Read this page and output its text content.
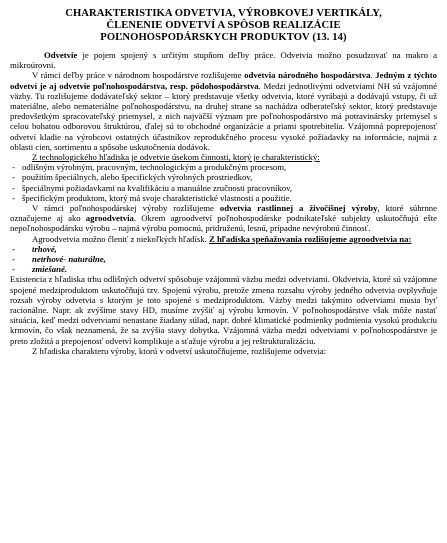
CHARAKTERISTIKA ODVETVIA, VÝROBKOVEJ VERTIKÁLY,
ČLENENIE ODVETVÍ A SPÔSOB REALIZÁCIE
POĽNOHOSPODÁRSKYCH PRODUKTOV (13. 14)

Odvetvie je pojem spojený s určitým stupňom deľby práce. Odvetvia možno posudzovať na makro a mikroúrovni.

V rámci deľby práce v národnom hospodárstve rozlišujeme odvetvia národného hospodárstva. Jedným z týchto odvetví je aj odvetvie poľnohospodárstva, resp. pôdohospodárstva. Medzi jednotlivými odvetviami NH sú vzájomné väzby. Tu rozlišujeme dodávateľský sektor – ktorý predstavuje všetky odvetvia, ktoré vyrábajú a dodávajú vstupy, či už materiálne, alebo nemateriálne poľnohospodárstvu, na druhej strane sa nachádza odberateľský sektor, ktorý predstavuje predovšetkým spracovateľský priemysel, z nich najväčší význam pre poľnohospodárstvo má potravinársky priemysel s celou bohatou odborovou štruktúrou, ďalej sú to obchodné organizácie a priami spotrebitelia. Vzájomná poprepojenosť odvetví kladie na výrobcovi ostatných účastníkov reprodukčného procesu vysoké požiadavky na informácie, najmä z oblasti cien, sortimentu a spôsobe uskutočnenia dodávok.

Z technologického hľadiska je odvetvie úsekom činnosti, ktorý je charakteristický:

- odlišným výrobným, pracovným, technologickým a produkčným procesom,
- použitím špeciálnych, alebo špecifických výrobných prostriedkov,
- špeciálnymi požiadavkami na kvalifikáciu a manuálne zručnosti pracovníkov,
- špecifickým produktom, ktorý má svoje charakteristické vlastnosti a použitie.

V rámci poľnohospodárskej výroby rozlišujeme odvetvia rastlinnej a živočíšnej výroby, ktoré súhrnne označujeme aj ako agroodvetvia. Okrem agroodvetví poľnohospodárske podnikateľské subjekty uskutočňujú ešte nepoľnohospodársku výrobu – najmä výrobu pomocnú, pridruženú, lesnú, prípadne nevýrobnú činnosť.

Agroodvetvia možno členiť z niekoľkých hľadísk. Z hľadiska speňažovania rozlišujeme agroodvetvia na:

- trhové,
- netrhové- naturálne,
- zmiešané.

Existencia z hľadiska trhu odlišných odvetví spôsobuje vzájomnú väzbu medzi odvetviami. Okdvetvia, ktoré sú vzájomne spojené medziproduktom uskutočňujú tzv. Spojenú výrobu, pretože zmena rozsahu výroby jedného odvetvia ovplyvňuje rozsah výroby odvetvia s ktorým je toto spojené s medziproduktom. Väzby medzi takýmito odvetviami musia byť racionálne. Napr. ak zvýšime stavy HD, musíme zvýšiť aj výrobu krmovín. V poľnohospodárstve však môže nastať situácia, keď medzi odvetviami nenastane žiadany súlad, napr. dobré klimatické podmienky podmienia vysokú produkciu krmovín, čo však neznamená, že sa zvýšia stavy dobytka. Vzájomná väzba medzi odvetviami v poľnohospodárstve je preto zložitá a prepojenosť odvetví komplikuje a sťažuje výrobu a jej reštrukturalizáciu.

Z hľadiska charakteru výroby, ktorú v odvetví uskutočňujeme, rozlišujeme odvetvia:
